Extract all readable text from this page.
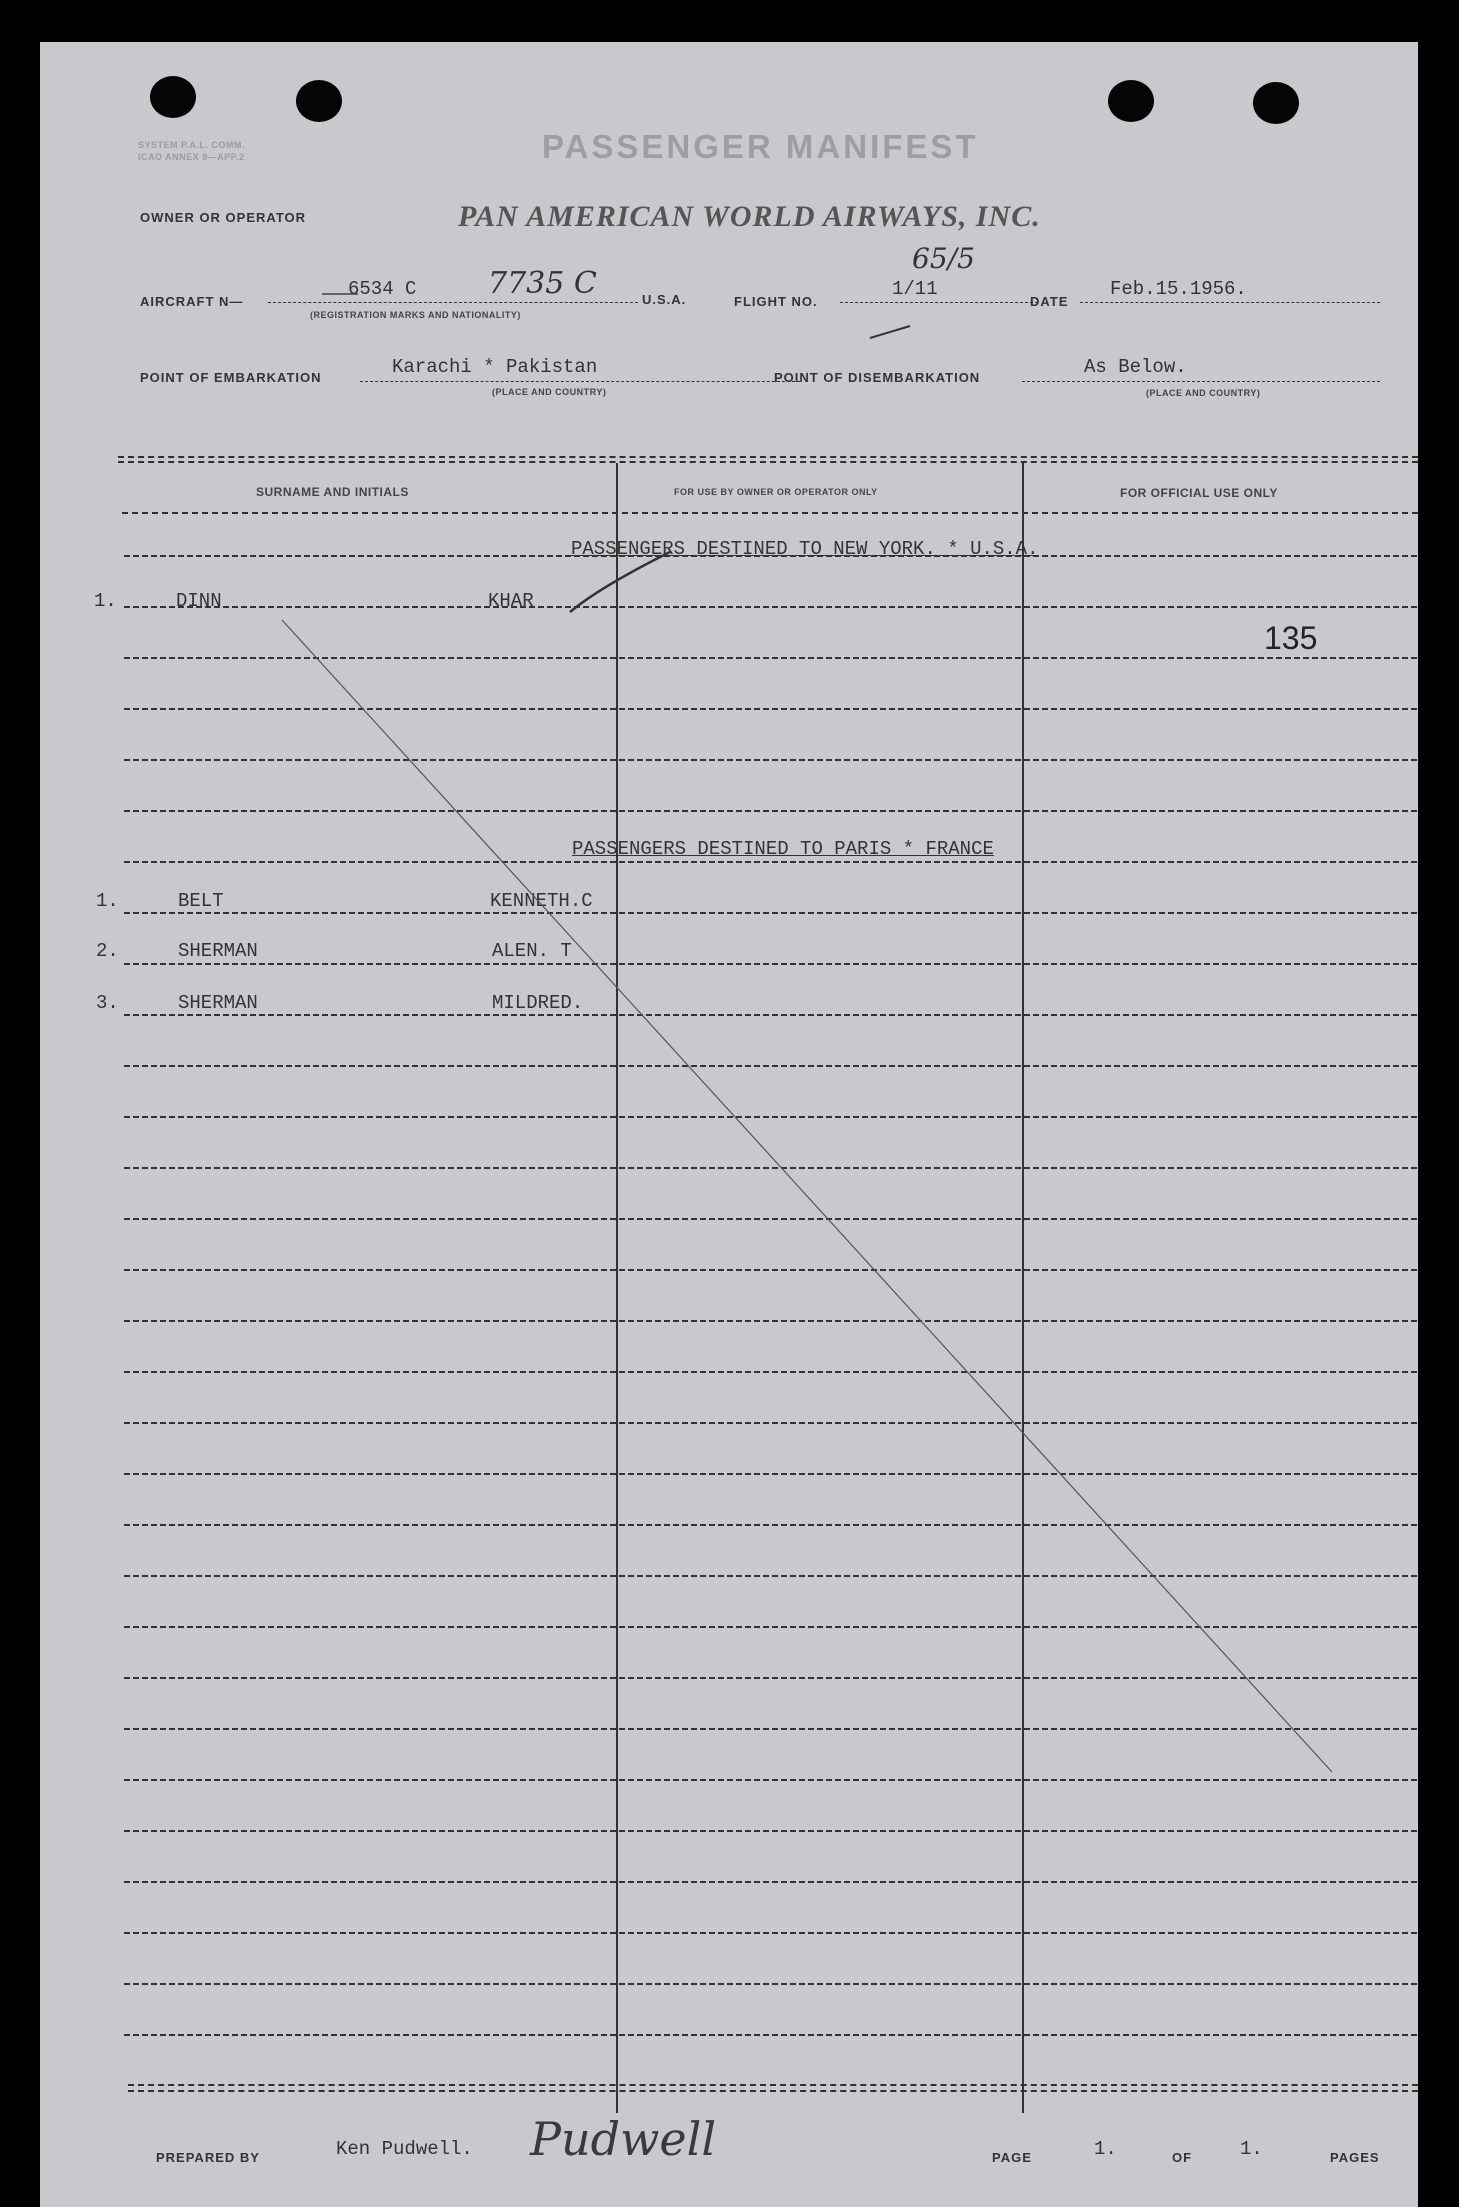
SYSTEM P.A.L. COMM.
ICAO ANNEX 9—APP.2	PASSENGER MANIFEST
OWNER OR OPERATOR	PAN AMERICAN WORLD AIRWAYS, INC.
AIRCRAFT N—
6534 C 7735 C
(REGISTRATION MARKS AND NATIONALITY)
U.S.A.	FLIGHT NO.
1/11
65/5
DATE
Feb.15.1956.
POINT OF EMBARKATION	Karachi * Pakistan
(PLACE AND COUNTRY)
POINT OF DISEMBARKATION	As Below.
(PLACE AND COUNTRY)
SURNAME AND INITIALS	FOR USE BY OWNER OR OPERATOR ONLY	FOR OFFICIAL USE ONLY
PASSENGERS DESTINED TO NEW YORK. * U.S.A.
1.	DINN	KHAR
135
PASSENGERS DESTINED TO PARIS * FRANCE
1.	BELT	KENNETH.C
2.	SHERMAN	ALEN. T
3.	SHERMAN	MILDRED.
PREPARED BY	Ken Pudwell. Pudwell	PAGE	1.	OF	1.	PAGES
